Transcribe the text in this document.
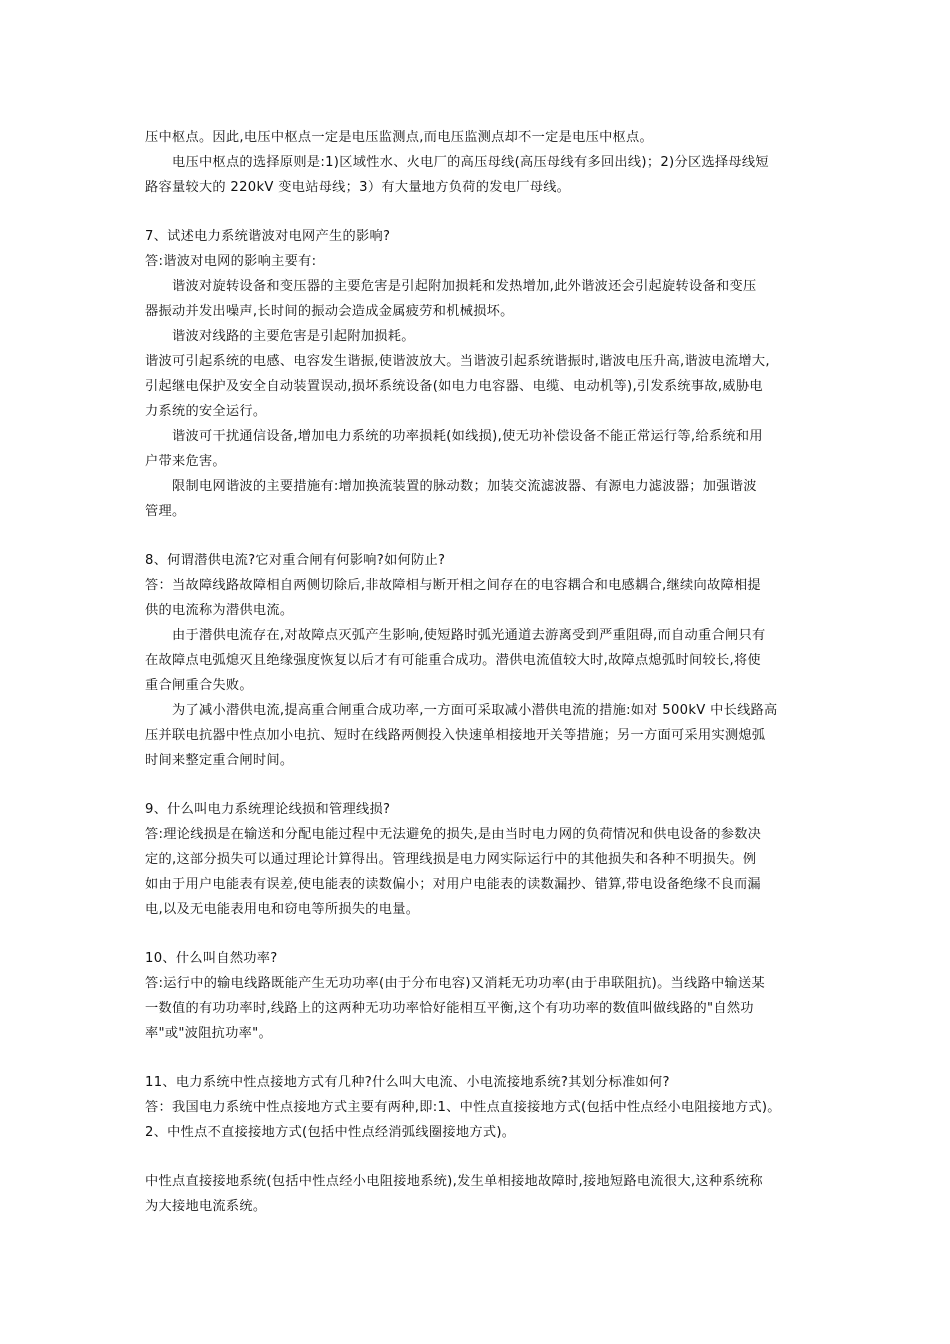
压中枢点。因此,电压中枢点一定是电压监测点,而电压监测点却不一定是电压中枢点。
电压中枢点的选择原则是:1)区域性水、火电厂的高压母线(高压母线有多回出线)；2)分区选择母线短
路容量较大的 220kV 变电站母线；3）有大量地方负荷的发电厂母线。
7、试述电力系统谐波对电网产生的影响?
答:谐波对电网的影响主要有:
谐波对旋转设备和变压器的主要危害是引起附加损耗和发热增加,此外谐波还会引起旋转设备和变压
器振动并发出噪声,长时间的振动会造成金属疲劳和机械损坏。
谐波对线路的主要危害是引起附加损耗。
谐波可引起系统的电感、电容发生谐振,使谐波放大。当谐波引起系统谐振时,谐波电压升高,谐波电流增大,
引起继电保护及安全自动装置误动,损坏系统设备(如电力电容器、电缆、电动机等),引发系统事故,威胁电
力系统的安全运行。
谐波可干扰通信设备,增加电力系统的功率损耗(如线损),使无功补偿设备不能正常运行等,给系统和用
户带来危害。
限制电网谐波的主要措施有:增加换流装置的脉动数；加装交流滤波器、有源电力滤波器；加强谐波
管理。
8、何谓潜供电流?它对重合闸有何影响?如何防止?
答：当故障线路故障相自两侧切除后,非故障相与断开相之间存在的电容耦合和电感耦合,继续向故障相提
供的电流称为潜供电流。
由于潜供电流存在,对故障点灭弧产生影响,使短路时弧光通道去游离受到严重阻碍,而自动重合闸只有
在故障点电弧熄灭且绝缘强度恢复以后才有可能重合成功。潜供电流值较大时,故障点熄弧时间较长,将使
重合闸重合失败。
为了减小潜供电流,提高重合闸重合成功率,一方面可采取减小潜供电流的措施:如对 500kV 中长线路高
压并联电抗器中性点加小电抗、短时在线路两侧投入快速单相接地开关等措施；另一方面可采用实测熄弧
时间来整定重合闸时间。
9、什么叫电力系统理论线损和管理线损?
答:理论线损是在输送和分配电能过程中无法避免的损失,是由当时电力网的负荷情况和供电设备的参数决
定的,这部分损失可以通过理论计算得出。管理线损是电力网实际运行中的其他损失和各种不明损失。例
如由于用户电能表有误差,使电能表的读数偏小；对用户电能表的读数漏抄、错算,带电设备绝缘不良而漏
电,以及无电能表用电和窃电等所损失的电量。
10、什么叫自然功率?
答:运行中的输电线路既能产生无功功率(由于分布电容)又消耗无功功率(由于串联阻抗)。当线路中输送某
一数值的有功功率时,线路上的这两种无功功率恰好能相互平衡,这个有功功率的数值叫做线路的"自然功
率"或"波阻抗功率"。
11、电力系统中性点接地方式有几种?什么叫大电流、小电流接地系统?其划分标准如何?
答：我国电力系统中性点接地方式主要有两种,即:1、中性点直接接地方式(包括中性点经小电阻接地方式)。
2、中性点不直接接地方式(包括中性点经消弧线圈接地方式)。
中性点直接接地系统(包括中性点经小电阻接地系统),发生单相接地故障时,接地短路电流很大,这种系统称
为大接地电流系统。
